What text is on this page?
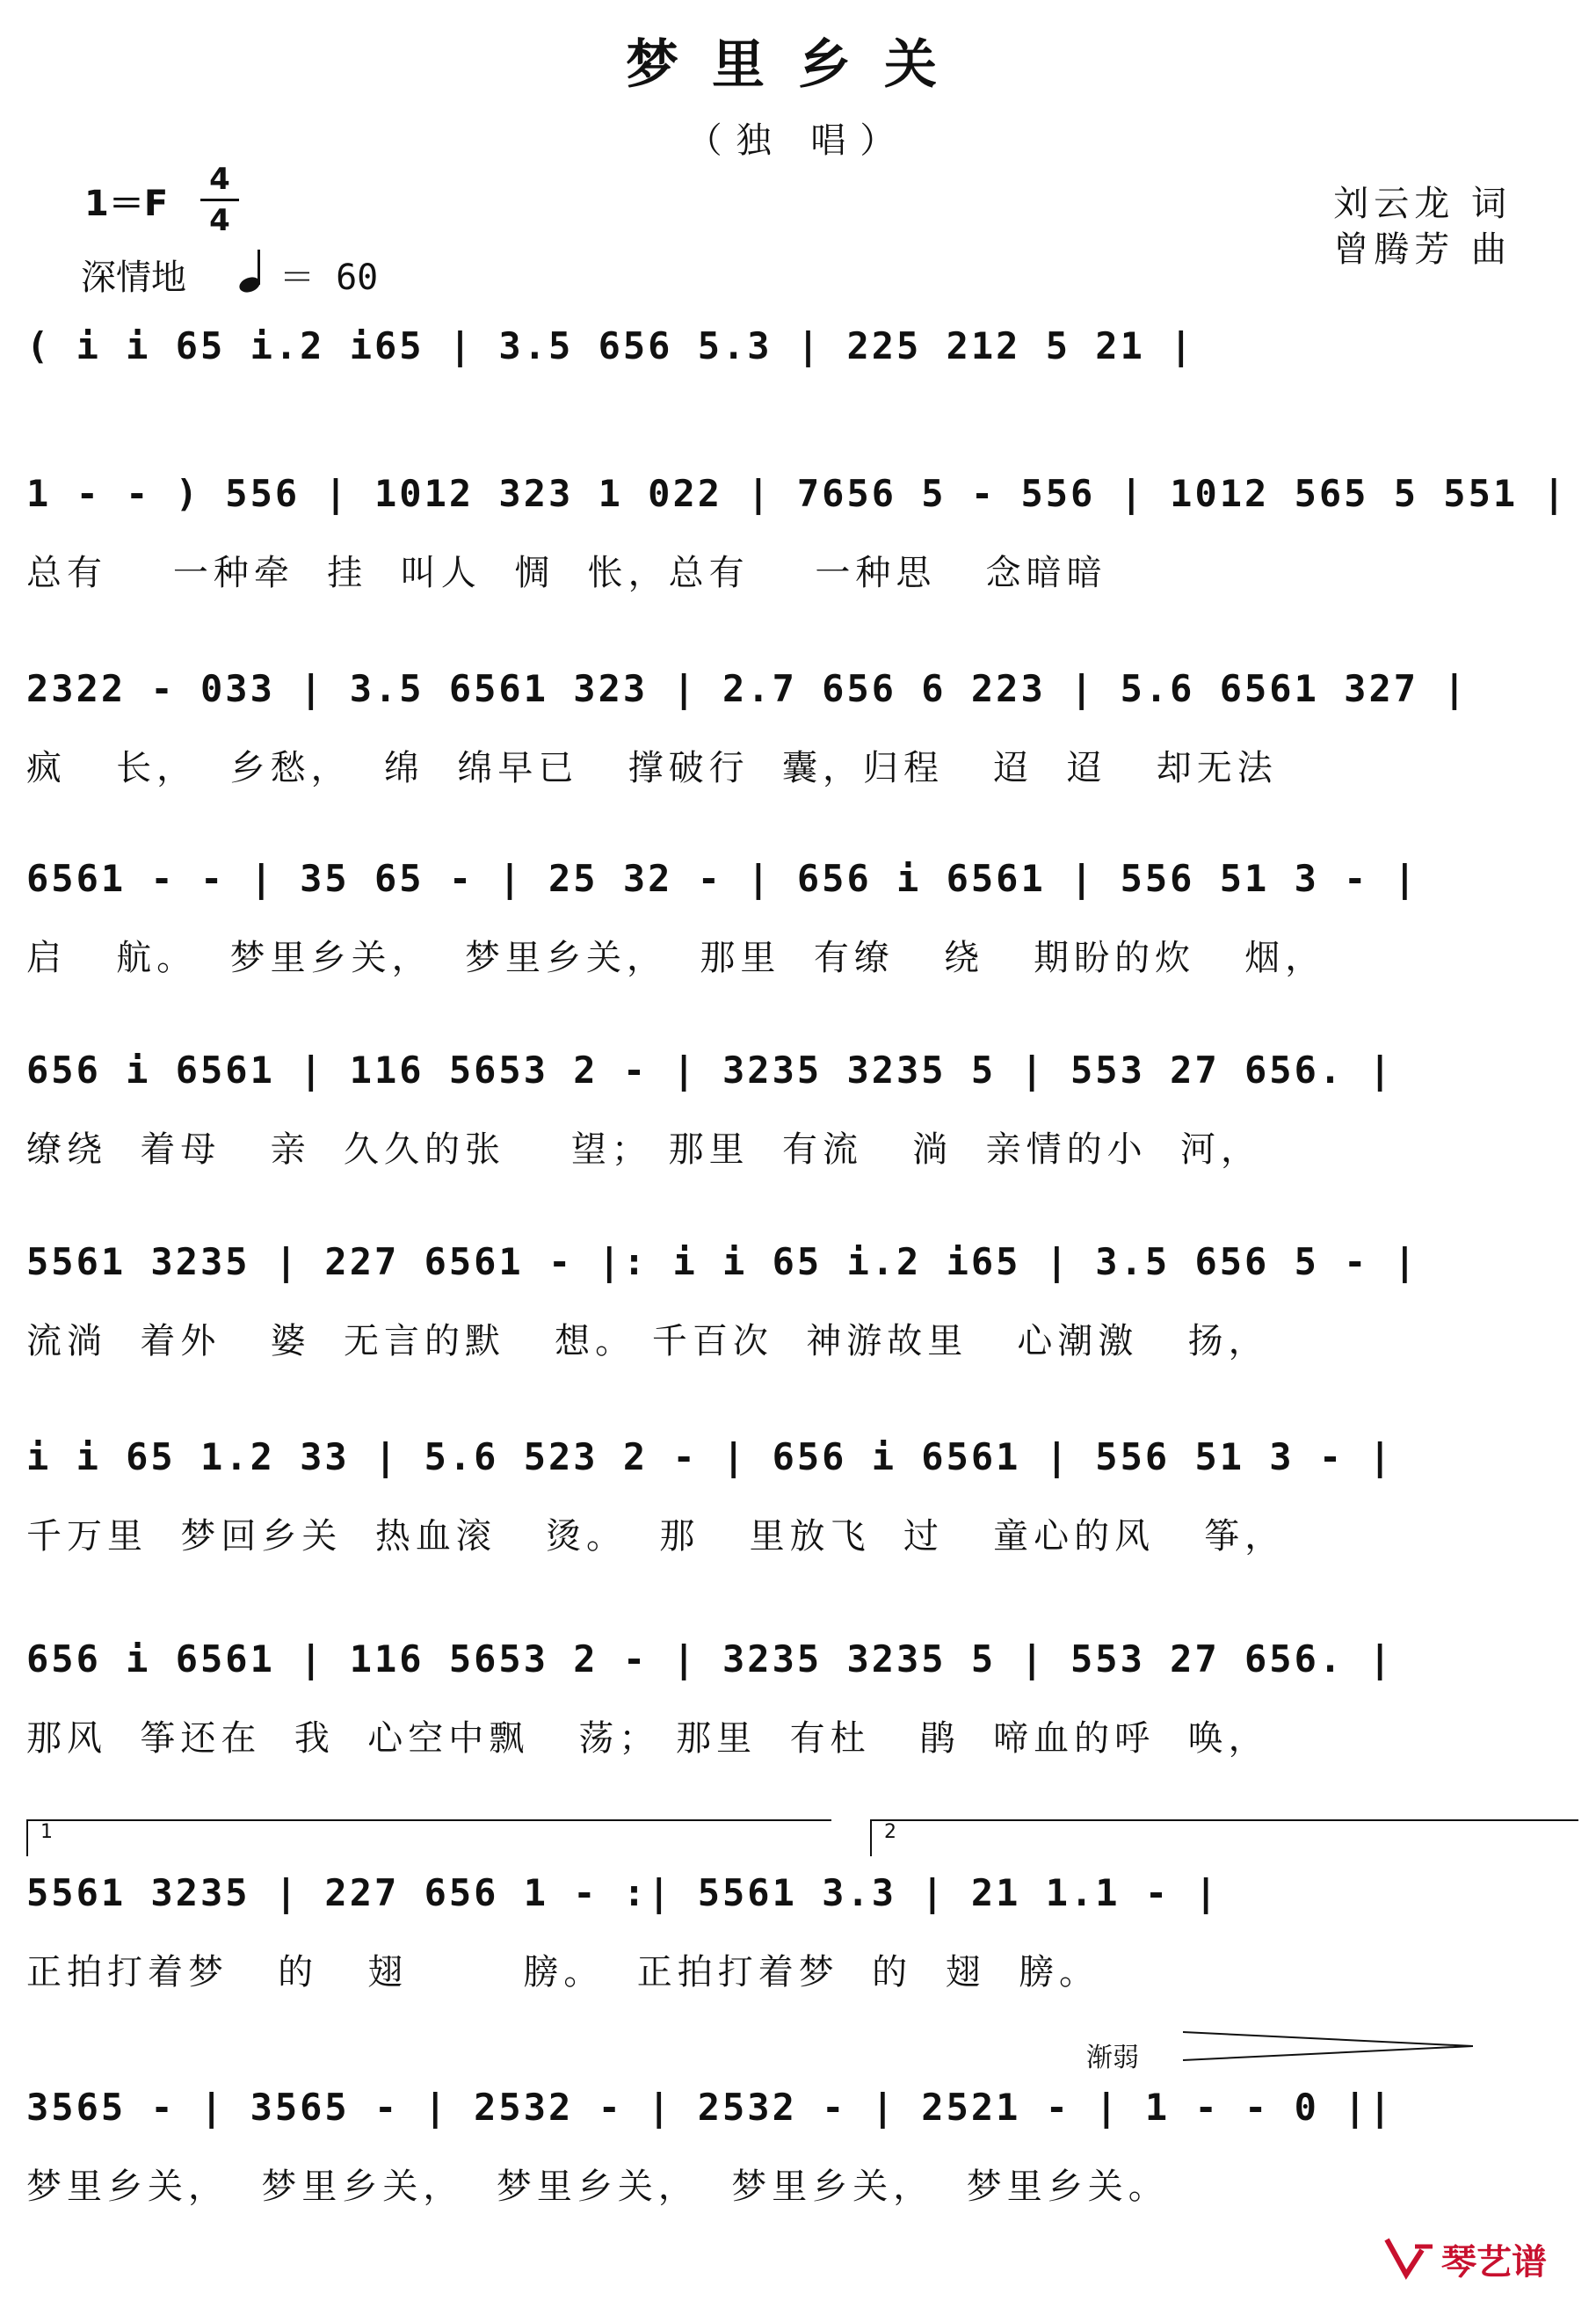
梦里乡关
（独 唱）
1＝F
4
4
深情地	＝ 60
刘云龙 词
曾腾芳 曲
( i i 65 i.2 i65 | 3.5 656 5.3 | 225 212 5 21 |
1 - - ) 556 | 1012 323 1 022 | 7656 5 - 556 | 1012 565 5 551 |
总有    一种牵  挂  叫人  惆  怅，总有    一种思   念暗暗
2322 - 033 | 3.5 6561 323 | 2.7 656 6 223 | 5.6 6561 327 |
疯   长，  乡愁，  绵  绵早已   撑破行  囊，归程   迢  迢   却无法
6561 - - | 35 65 - | 25 32 - | 656 i 6561 | 556 51 3 - |
启   航。  梦里乡关，  梦里乡关，  那里  有缭   绕   期盼的炊   烟，
656 i 6561 | 116 5653 2 - | 3235 3235 5 | 553 27 656. |
缭绕  着母   亲  久久的张    望； 那里  有流   淌  亲情的小  河，
5561 3235 | 227 6561 - |: i i 65 i.2 i65 | 3.5 656 5 - |
流淌  着外   婆  无言的默   想。 千百次  神游故里   心潮激   扬，
i i 65 1.2 33 | 5.6 523 2 - | 656 i 6561 | 556 51 3 - |
千万里  梦回乡关  热血滚   烫。  那   里放飞  过   童心的风   筝，
656 i 6561 | 116 5653 2 - | 3235 3235 5 | 553 27 656. |
那风  筝还在  我  心空中飘   荡； 那里  有杜   鹃  啼血的呼  唤，
1	2
5561 3235 | 227 656 1 - :| 5561 3.3 | 21 1.1 - |
正拍打着梦   的   翅       膀。  正拍打着梦  的  翅  膀。
渐弱
3565 - | 3565 - | 2532 - | 2532 - | 2521 - | 1 - - 0 ||
梦里乡关，  梦里乡关，  梦里乡关，  梦里乡关，  梦里乡关。
琴艺谱
